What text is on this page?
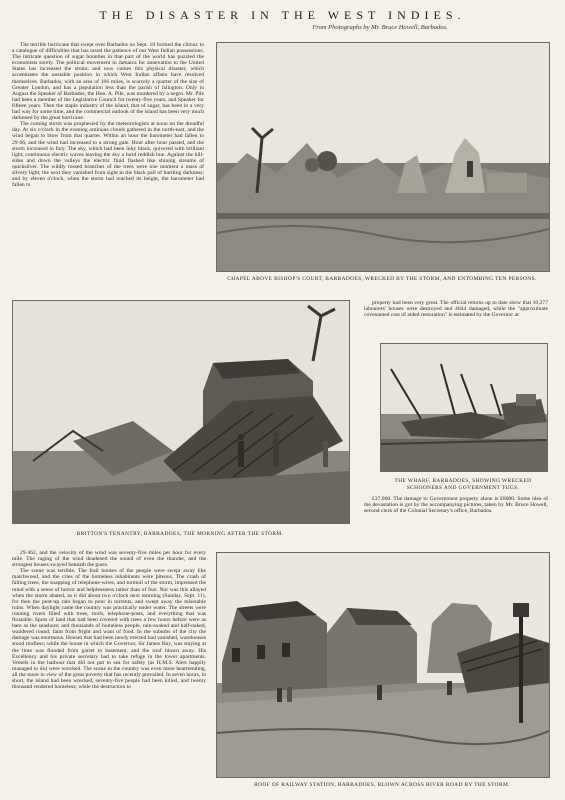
THE DISASTER IN THE WEST INDIES.
From Photographs by Mr. Bruce Howell, Barbados.

The terrible hurricane that swept over Barbados on Sept. 10 formed the climax to a catalogue of difficulties that has taxed the patience of our West Indian possessions. The intricate question of sugar bounties in that part of the world has puzzled the economists sorely. The political movement in Jamaica for annexation to the United States has increased the strain; and now comes this physical disaster, which accentuates the unstable position in which West Indian affairs have resolved themselves. Barbados, with an area of 166 miles, is scarcely a quarter of the size of Greater London, and has a population less than the parish of Islington. Only in August the Speaker of Barbados, the Hon. A. Pile, was murdered by a negro. Mr. Pile had been a member of the Legislative Council for twenty-five years, and Speaker for fifteen years. Then the staple industry of the island, that of sugar, has been in a very bad way for some time, and the commercial outlook of the island has been very much darkened by the great hurricane.

The coming storm was prophesied by the meteorologists at noon on the dreadful day. At six o'clock in the evening ominous clouds gathered in the north-east, and the wind began to blow from that quarter. Within an hour the barometer had fallen to 29·66, and the wind had increased to a strong gale. Hour after hour passed, and the storm increased in fury. The sky, which had been inky black, quivered with brilliant light, continuous electric waves leaving the sky a lurid reddish hue. Against the hill-sides and down the valleys the electric fluid flashed like shining streams of quicksilver. The wildly tossed branches of the trees were one moment a mass of silvery light; the next they vanished from sight in the black pall of hurtling darkness; and by eleven o'clock, when the storm had reached its height, the barometer had fallen to

CHAPEL ABOVE BISHOP'S COURT, BARBADOES, WRECKED BY THE STORM, AND ENTOMBING TEN PERSONS.
BRITTON'S TENANTRY, BARBADOES, THE MORNING AFTER THE STORM.

property had been very great. The official returns up to date show that 10,277 labourers' houses were destroyed and 4644 damaged, while the "approximate covenanted cost of aided restoration" is estimated by the Governor at

THE WHARF, BARBADOES, SHOWING WRECKED SCHOONERS AND GOVERNMENT TUGS.

£37,000. The damage to Government property alone is £8000. Some idea of the devastation is got by the accompanying pictures, taken by Mr. Bruce Howell, second clerk of the Colonial Secretary's office, Barbados.

29·462, and the velocity of the wind was seventy-five miles per hour for every mile. The raging of the wind deadened the sound of even the thunder, and the strongest houses swayed beneath the gusts.

The scene was terrible. The frail houses of the people were swept away like matchwood, and the cries of the homeless inhabitants were piteous. The crash of falling trees, the snapping of telephone-wires, and turmoil of the storm, impressed the mind with a sense of horror and helplessness rather than of fear. Nor was this allayed when the storm abated, as it did about two o'clock next morning (Sunday, Sept. 11), for then the pent-up rain began to pour in torrents, and swept away the miserable ruins. When daylight came the country was practically under water. The streets were running rivers filled with trees, roofs, telephone-posts, and everything that was floatable. Spots of land that had been covered with trees a few hours before were as bare as the seashore; and thousands of homeless people, rain-soaked and half-naked, wandered round, faint from fright and want of food. In the suburbs of the city the damage was enormous. Houses that had been newly erected had vanished, warehouses stood roofless; while the house in which the Governor, Sir James Hay, was staying at the time was flooded from garret to basement, and the roof blown away. His Excellency and his private secretary had to take refuge in the lower apartments. Vessels in the harbour that did not put to sea for safety (as H.M.S. Alert happily managed to do) were wrecked. The scene in the country was even more heartrending, all the more in view of the great poverty that has recently prevailed. In seven hours, in short, the island had been wrecked, seventy-five people had been killed, and twenty thousand rendered homeless; while the destruction to

ROOF OF RAILWAY STATION, BARBADOES, BLOWN ACROSS RIVER ROAD BY THE STORM.
